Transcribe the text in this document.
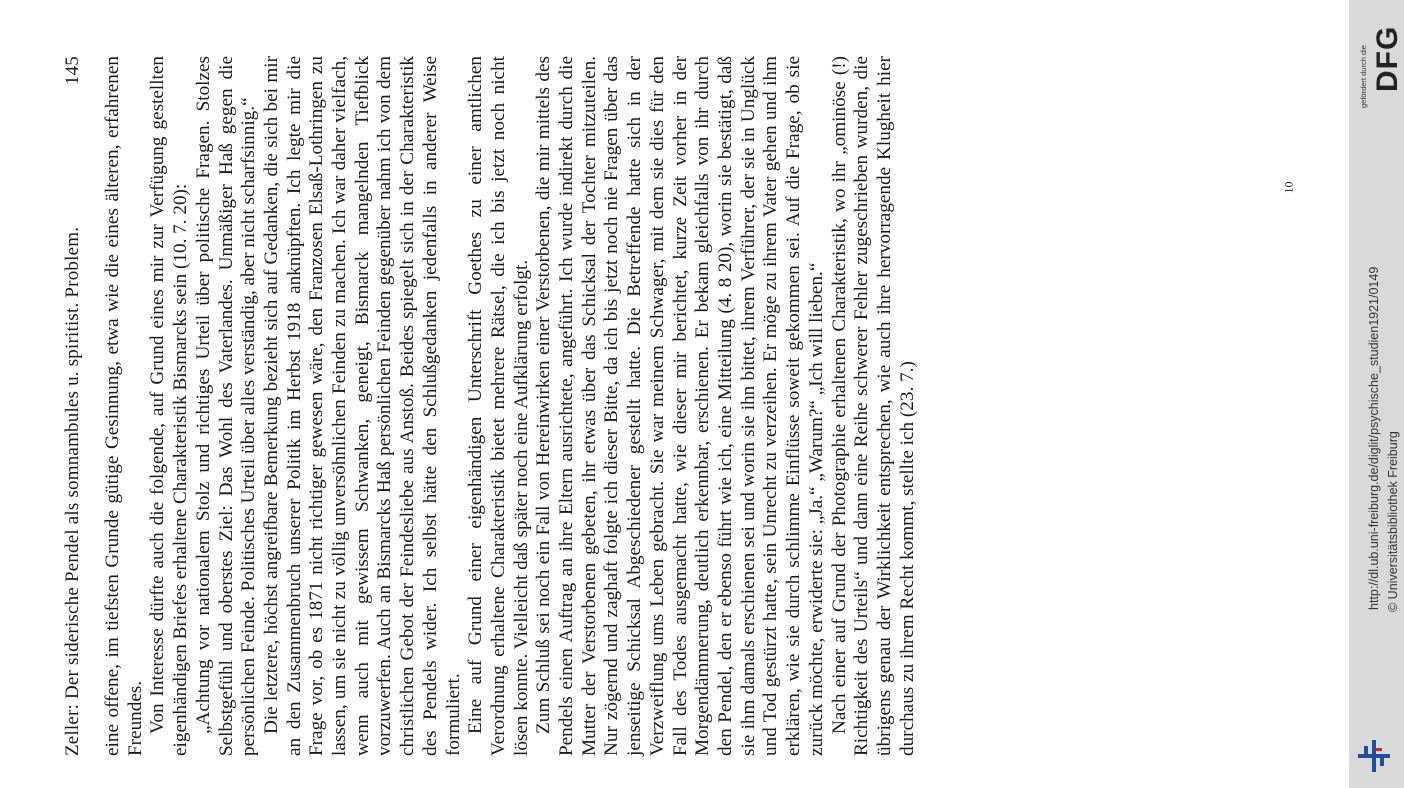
Zeller: Der siderische Pendel als somnambules u. spiritist. Problem.
145 eine offene, im tiefsten Grunde gütige Gesinnung, etwa wie die eines älteren, erfahrenen Freundes. Von Interesse dürfte auch die folgende, auf Grund eines mir zur Verfügung gestellten eigenhändigen Briefes erhaltene Charakteristik Bismarcks sein (10. 7. 20): „Achtung vor nationalem Stolz und richtiges Urteil über politische Fragen. Stolzes Selbstgefühl und oberstes Ziel: Das Wohl des Vaterlandes. Unmäßiger Haß gegen die persönlichen Feinde. Politisches Urteil über alles verständig, aber nicht scharfsinnig.“ Die letztere, höchst angreifbare Bemerkung bezieht sich auf Gedanken, die sich bei mir an den Zusammenbruch unserer Politik im Herbst 1918 anknüpften. Ich legte mir die Frage vor, ob es 1871 nicht richtiger gewesen wäre, den Franzosen Elsaß-Lothringen zu lassen, um sie nicht zu völlig unversöhnlichen Feinden zu machen. Ich war daher vielfach, wenn auch mit gewissem Schwanken, geneigt, Bismarck mangelnden Tiefblick vorzuwerfen. Auch an Bismarcks Haß persönlichen Feinden gegenüber nahm ich von dem christlichen Gebot der Feindesliebe aus Anstoß. Beides spiegelt sich in der Charakteristik des Pendels wider. Ich selbst hätte den Schlußgedanken jedenfalls in anderer Weise formuliert. Eine auf Grund einer eigenhändigen Unterschrift Goethes zu einer amtlichen Verordnung erhaltene Charakteristik bietet mehrere Rätsel, die ich bis jetzt noch nicht lösen konnte. Vielleicht daß später noch eine Aufklärung erfolgt. Zum Schluß sei noch ein Fall von Hereinwirken einer Verstorbenen, die mir mittels des Pendels einen Auftrag an ihre Eltern ausrichtete, angeführt. Ich wurde indirekt durch die Mutter der Verstorbenen gebeten, ihr etwas über das Schicksal der Tochter mitzuteilen. Nur zögernd und zaghaft folgte ich dieser Bitte, da ich bis jetzt noch nie Fragen über das jenseitige Schicksal Abgeschiedener gestellt hatte. Die Betreffende hatte sich in der Verzweiflung ums Leben gebracht. Sie war meinem Schwager, mit dem sie dies für den Fall des Todes ausgemacht hatte, wie dieser mir berichtet, kurze Zeit vorher in der Morgendämmerung, deutlich erkennbar, erschienen. Er bekam gleichfalls von ihr durch den Pendel, den er ebenso führt wie ich, eine Mitteilung (4. 8 20), worin sie bestätigt, daß sie ihm damals erschienen sei und worin sie ihn bittet, ihrem Verführer, der sie in Unglück und Tod gestürzt hatte, sein Unrecht zu verzeihen. Er möge zu ihrem Vater gehen und ihm erklären, wie sie durch schlimme Einflüsse soweit gekommen sei. Auf die Frage, ob sie zurück möchte, erwiderte sie: „Ja.“ „Warum?“ „Ich will lieben.“ Nach einer auf Grund der Photographie erhaltenen Charakteristik, wo ihr „ominöse (!) Richtigkeit des Urteils“ und dann eine Reihe schwerer Fehler zugeschrieben wurden, die übrigens genau der Wirklichkeit entsprechen, wie auch ihre hervorragende Klugheit hier durchaus zu ihrem Recht kommt, stellte ich (23. 7.)

10
gefördert durch die DFG
http://dl.ub.uni-freiburg.de/diglit/psychische_studien1921/0149 © Universitätsbibliothek Freiburg
